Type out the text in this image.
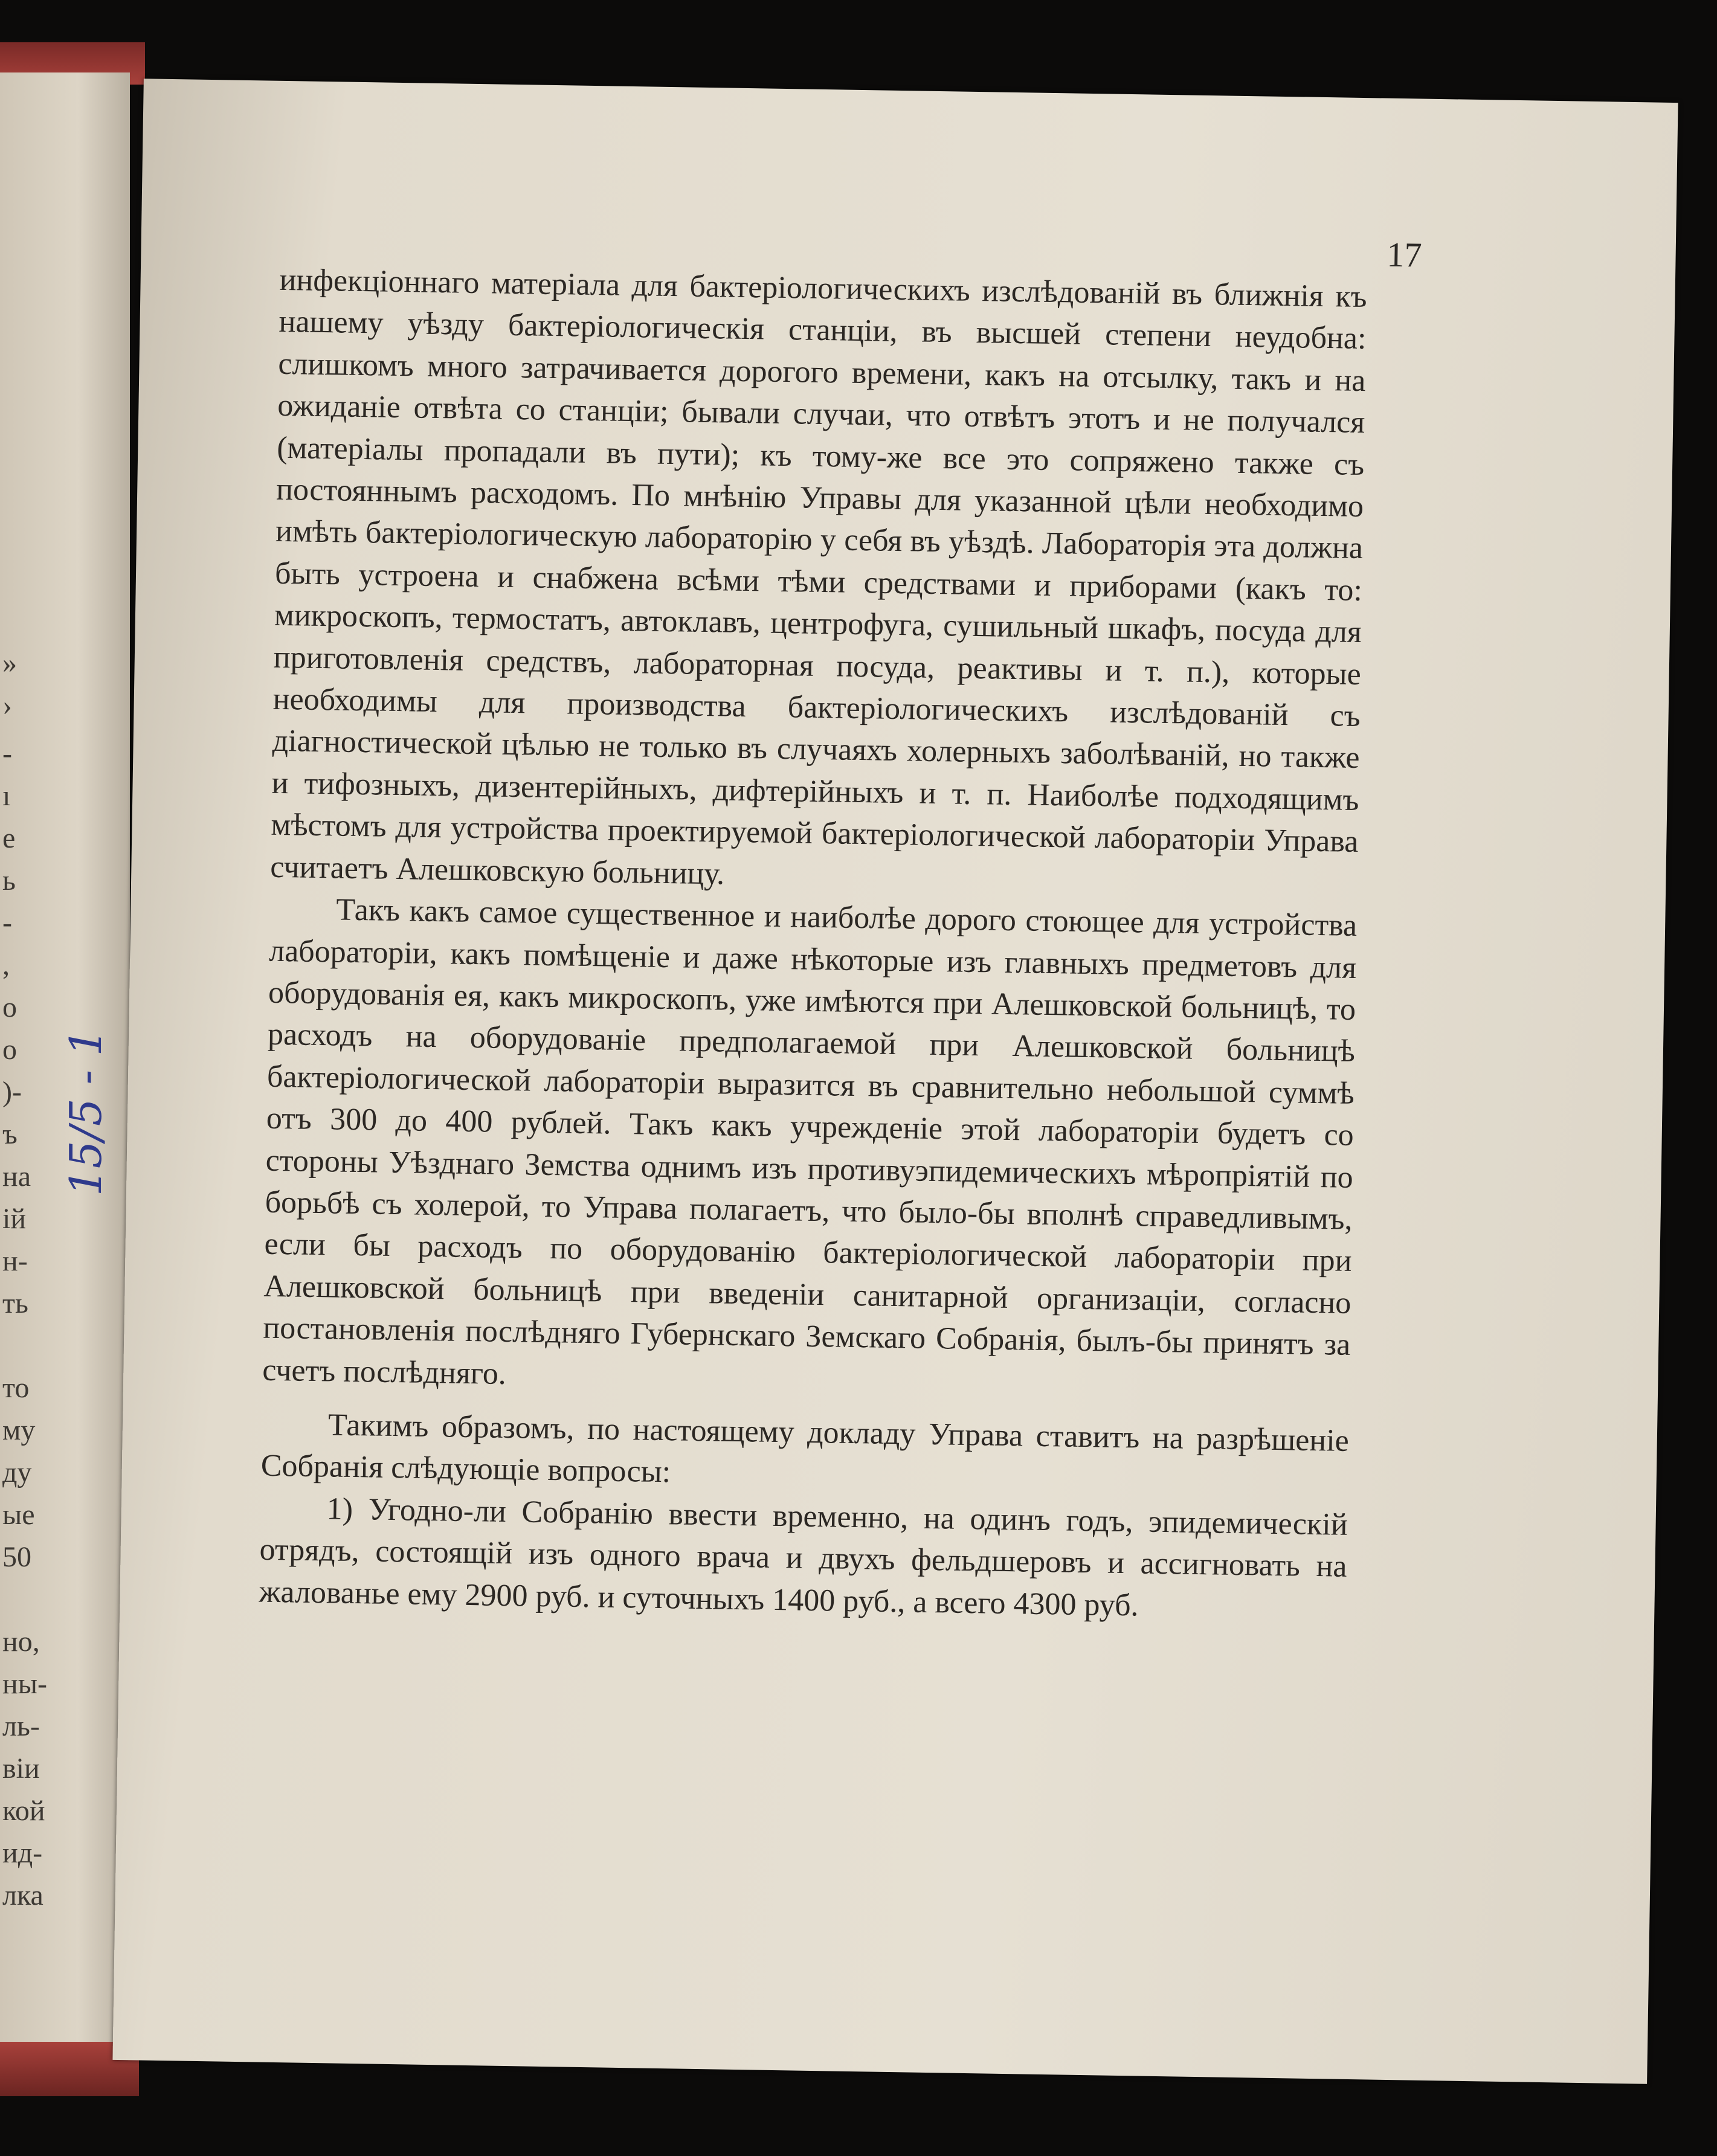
»
›
-
ı
е
ь
-
,
о
о
)-
ъ
на
ій
н-
ть
то
му
ду
ые
50
но,
ны-
ль-
віи
кой
ид-
лка
15/5 - 1
17

инфекціоннаго матеріала для бактеріологическихъ изслѣдованій въ ближнія къ нашему уѣзду бактеріологическія станціи, въ высшей степени неудобна: слишкомъ много затрачивается дорогого времени, какъ на отсылку, такъ и на ожиданіе отвѣта со станціи; бывали случаи, что отвѣтъ этотъ и не получался (матеріалы пропадали въ пути); къ тому-же все это сопряжено также съ постояннымъ расходомъ. По мнѣнію Управы для указанной цѣли необходимо имѣть бактеріологическую лабораторію у себя въ уѣздѣ. Лабораторія эта должна быть устроена и снабжена всѣми тѣми средствами и приборами (какъ то: микроскопъ, термостатъ, автоклавъ, центрофуга, сушильный шкафъ, посуда для приготовленія средствъ, лабораторная посуда, реактивы и т. п.), которые необходимы для производства бактеріологическихъ изслѣдованій съ діагностической цѣлью не только въ случаяхъ холерныхъ заболѣваній, но также и тифозныхъ, дизентерійныхъ, дифтерійныхъ и т. п. Наиболѣе подходящимъ мѣстомъ для устройства проектируемой бактеріологической лабораторіи Управа считаетъ Алешковскую больницу.

Такъ какъ самое существенное и наиболѣе дорого стоющее для устройства лабораторіи, какъ помѣщеніе и даже нѣкоторые изъ главныхъ предметовъ для оборудованія ея, какъ микроскопъ, уже имѣются при Алешковской больницѣ, то расходъ на оборудованіе предполагаемой при Алешковской больницѣ бактеріологической лабораторіи выразится въ сравнительно небольшой суммѣ отъ 300 до 400 рублей. Такъ какъ учрежденіе этой лабораторіи будетъ со стороны Уѣзднаго Земства однимъ изъ противуэпидемическихъ мѣропріятій по борьбѣ съ холерой, то Управа полагаетъ, что было-бы вполнѣ справедливымъ, если бы расходъ по оборудованію бактеріологической лабораторіи при Алешковской больницѣ при введеніи санитарной организаціи, согласно постановленія послѣдняго Губернскаго Земскаго Собранія, былъ-бы принятъ за счетъ послѣдняго.

Такимъ образомъ, по настоящему докладу Управа ставитъ на разрѣшеніе Собранія слѣдующіе вопросы:

1) Угодно-ли Собранію ввести временно, на одинъ годъ, эпидемическій отрядъ, состоящій изъ одного врача и двухъ фельдшеровъ и ассигновать на жалованье ему 2900 руб. и суточныхъ 1400 руб., а всего 4300 руб.
